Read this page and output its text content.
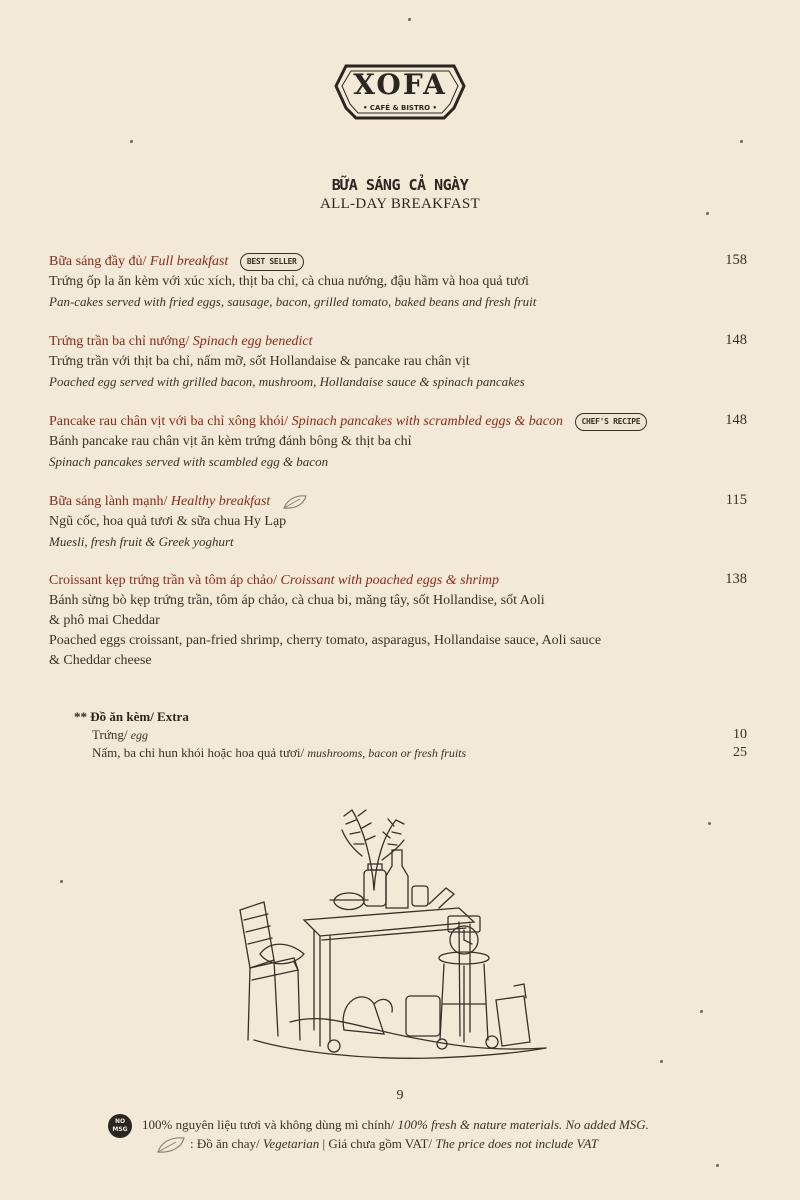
XOFA
• CAFÉ & BISTRO •
BỮA SÁNG CẢ NGÀY
ALL-DAY BREAKFAST
Bữa sáng đầy đủ/ Full breakfast BEST SELLER	158
Trứng ốp la ăn kèm với xúc xích, thịt ba chỉ, cà chua nướng, đậu hầm và hoa quả tươi
Pan-cakes served with fried eggs, sausage, bacon, grilled tomato, baked beans and fresh fruit
Trứng trần ba chỉ nướng/ Spinach egg benedict	148
Trứng trần với thịt ba chỉ, nấm mỡ, sốt Hollandaise & pancake rau chân vịt
Poached egg served with grilled bacon, mushroom, Hollandaise sauce & spinach pancakes
Pancake rau chân vịt với ba chỉ xông khói/ Spinach pancakes with scrambled eggs & bacon CHEF'S RECIPE	148
Bánh pancake rau chân vịt ăn kèm trứng đánh bông & thịt ba chỉ
Spinach pancakes served with scambled egg & bacon
Bữa sáng lành mạnh/ Healthy breakfast	115
Ngũ cốc, hoa quả tươi & sữa chua Hy Lạp
Muesli, fresh fruit & Greek yoghurt
Croissant kẹp trứng trần và tôm áp chảo/ Croissant with poached eggs & shrimp	138
Bánh sừng bò kẹp trứng trần, tôm áp chảo, cà chua bi, măng tây, sốt Hollandise, sốt Aoli
& phô mai Cheddar
Poached eggs croissant, pan-fried shrimp, cherry tomato, asparagus, Hollandaise sauce, Aoli sauce
& Cheddar cheese
** Đồ ăn kèm/ Extra
Trứng/ egg	10
Nấm, ba chỉ hun khói hoặc hoa quả tươi/ mushrooms, bacon or fresh fruits	25
9
NO MSG	100% nguyên liệu tươi và không dùng mì chính/ 100% fresh & nature materials. No added MSG.
: Đồ ăn chay/ Vegetarian | Giá chưa gồm VAT/ The price does not include VAT
